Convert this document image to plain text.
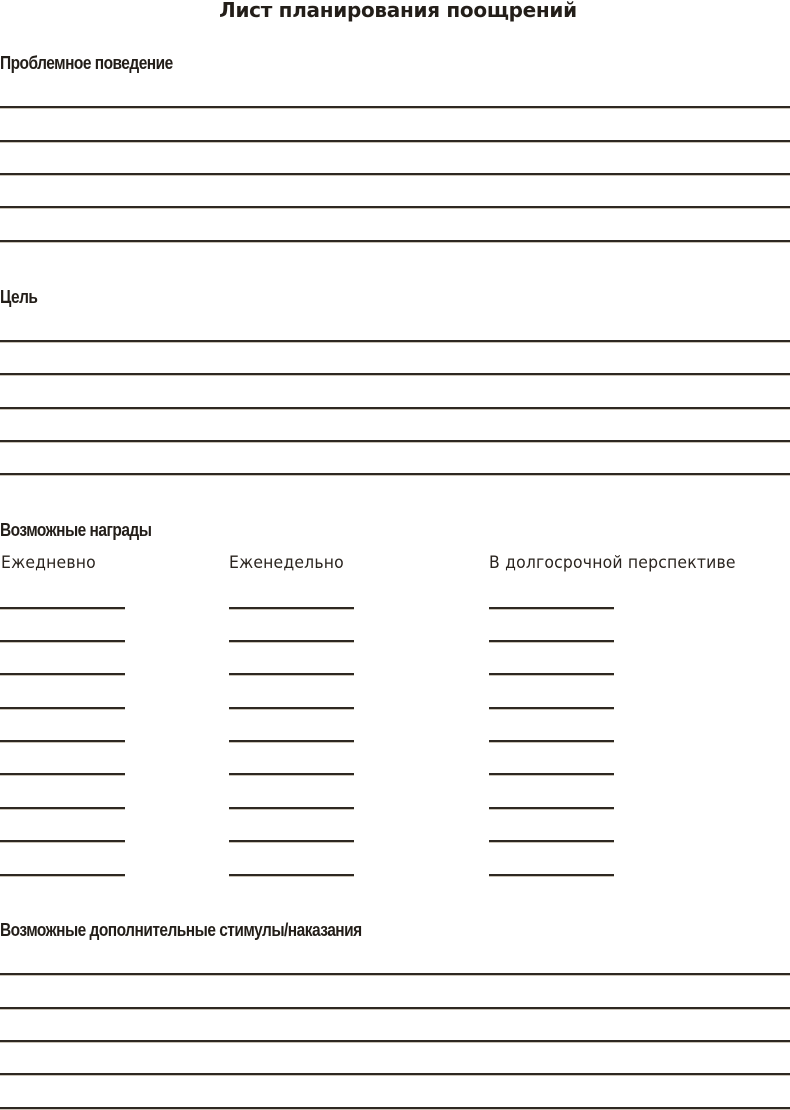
Лист планирования поощрений
Проблемное поведение
Цель
Возможные награды
Ежедневно	Еженедельно	В долгосрочной перспективе
Возможные дополнительные стимулы/наказания
